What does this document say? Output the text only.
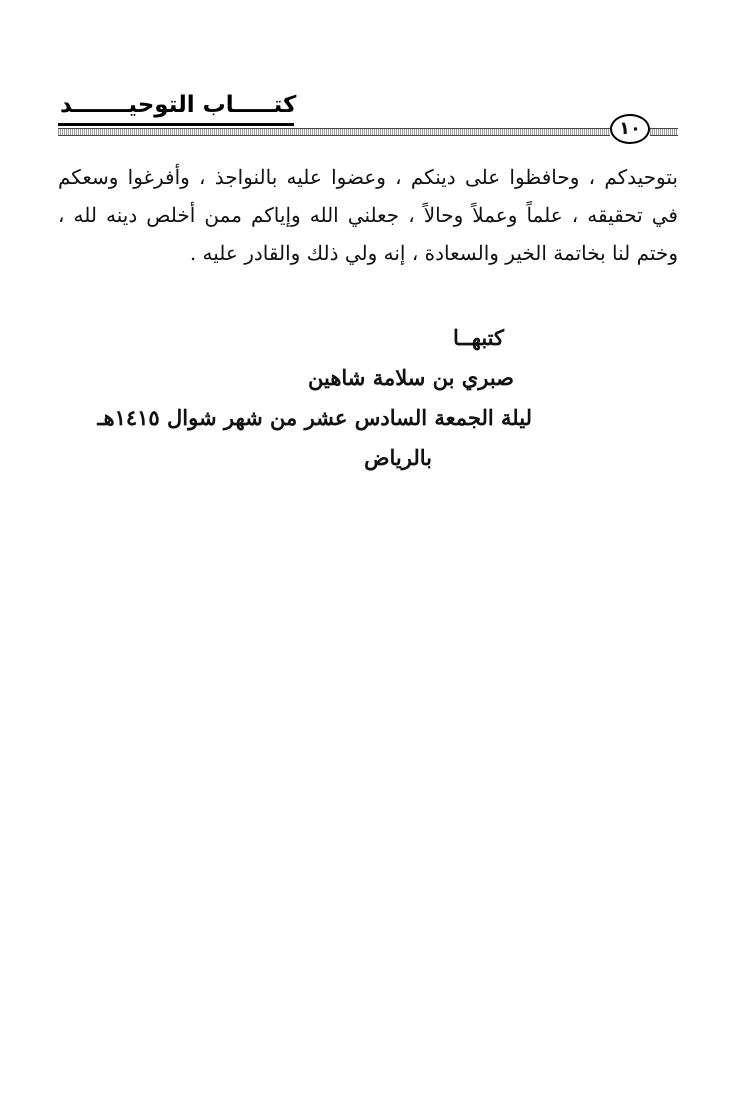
كتـــــاب التوحيـــــــد
١٠
بتوحيدكم ، وحافظوا على دينكم ، وعضوا عليه بالنواجذ ، وأفرغوا وسعكم
في تحقيقه ، علماً وعملاً وحالاً ، جعلني الله وإياكم ممن أخلص دينه لله ،
وختم لنا بخاتمة الخير والسعادة ، إنه ولي ذلك والقادر عليه .
كتبهــا
صبري بن سلامة شاهين
ليلة الجمعة السادس عشر من شهر شوال ١٤١٥هـ
بالرياض
